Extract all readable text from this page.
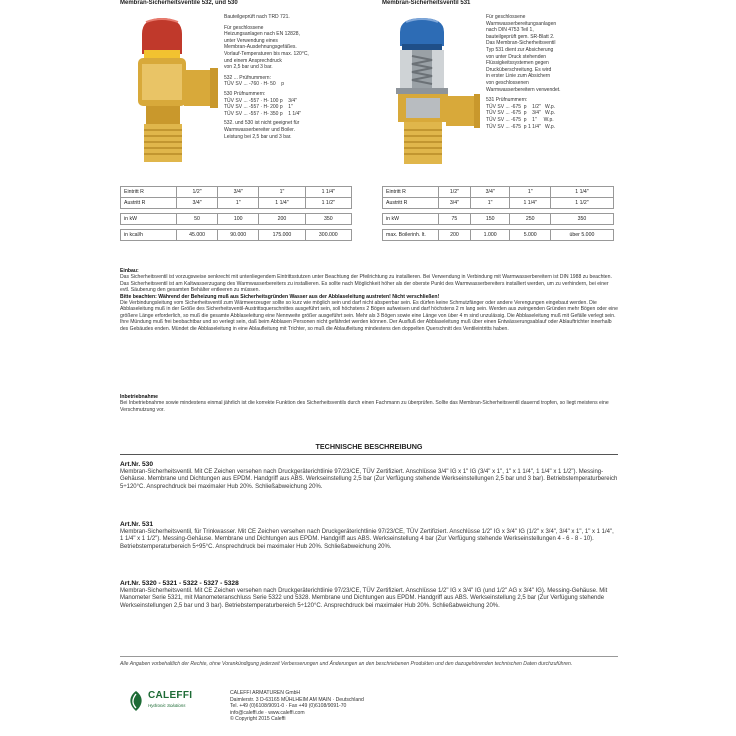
Membran-Sicherheitsventile 532, und 530
Bauteilgeprüft nach TRD 721.
Für geschlossene
Heizungsanlagen nach EN 12828,
unter Verwendung eines
Membran-Ausdehnungsgefäßes.
Vorlauf-Temperaturen bis max. 120°C,
und einem Ansprechdruck
von 2,5 bar und 3 bar.
532 ... Prüfnummern:
TÜV SV ... -760 · H- 50    p
530 Prüfnummern:
TÜV SV ... -557 · H- 100 p    3/4"
TÜV SV ... -557 · H- 200 p    1"
TÜV SV ... -557 · H- 350 p    1 1/4"
532. und 530 ist nicht geeignet für
Warmwasserbereiter und Boiler.
Leistung bei 2,5 bar und 3 bar.
Eintritt R	1/2"	3/4"	1"	1 1/4"
Austritt R	3/4"	1"	1 1/4"	1 1/2"

in kW	50	100	200	350

in kcal/h	45.000	90.000	175.000	300.000
Membran-Sicherheitsventil 531
Für geschlossene
Warmwasserbereitungsanlagen
nach DIN 4753 Teil 1,
bauteilgeprüft gem. SR-Blatt 2.
Das Membran-Sicherheitsventil
Typ 531 dient zur Absicherung
von unter Druck stehenden
Flüssigkeitssystemen gegen
Drucküberschreitung. Es wird
in erster Linie zum Absichern
von geschlossenen
Warmwasserbereitern verwendet.
531 Prüfnummern:
TÜV SV ... -675  p    1/2"   W.p.
TÜV SV ... -675  p    3/4"   W.p.
TÜV SV ... -675  p    1"     W.p.
TÜV SV ... -675  p 1 1/4"   W.p.
Eintritt R	1/2"	3/4"	1"	1 1/4"
Austritt R	3/4"	1"	1 1/4"	1 1/2"

in kW	75	150	250	350

max. Boilerinh. lt.	200	1.000	5.000	über 5.000
Einbau:
Das Sicherheitsventil ist vorzugsweise senkrecht mit untenliegendem Eintrittsstutzen unter Beachtung der Pfeilrichtung zu installieren. Bei Verwendung in Verbindung mit Warmwasserbereitern ist DIN 1988 zu beachten. Das Sicherheitsventil ist am Kaltwasserzugang des Warmwasserbereiters zu installieren. Es sollte nach Möglichkeit höher als der oberste Punkt des Warmwasserbereiters installiert werden, um zu verhindern, bei einer evtl. Säuberung den gesamten Behälter entleeren zu müssen.
Bitte beachten: Während der Beheizung muß aus Sicherheitsgründen Wasser aus der Abblaseleitung austreten! Nicht verschließen!
Die Verbindungsleitung vom Sicherheitsventil zum Wärmeerzeuger sollte so kurz wie möglich sein und darf nicht absperrbar sein. Es dürfen keine Schmutzfänger oder andere Verengungen eingebaut werden. Die Abblaseleitung muß in der Größe des Sicherheitsventil-Austrittsquerschnittes ausgeführt sein, soll höchstens 2 Bögen aufweisen und darf höchstens 2 m lang sein. Werden aus zwingenden Gründen mehr Bögen oder eine größere Länge erforderlich, so muß die gesamte Abblaseleitung eine Nennweite größer ausgeführt sein. Mehr als 3 Bögen sowie eine Länge von über 4 m sind unzulässig. Die Abblaseleitung muß mit Gefälle verlegt sein. Ihre Mündung muß frei beobachtbar und so verlegt sein, daß beim Abblasen Personen nicht gefährdet werden können. Der Ausfluß der Abblaseleitung muß über einen Entwässerungsablauf oder Ablauftrichter innerhalb des Gebäudes enden. Mündet die Abblaseleitung in eine Ablaufleitung mit Trichter, so muß die Ablaufleitung mindestens den doppelten Querschnitt des Ventileintritts haben.
Inbetriebnahme
Bei Inbetriebnahme sowie mindestens einmal jährlich ist die korrekte Funktion des Sicherheitsventils durch einen Fachmann zu überprüfen. Sollte das Membran-Sicherheitsventil dauernd tropfen, so liegt meistens eine Verschmutzung vor.
TECHNISCHE BESCHREIBUNG
Art.Nr. 530
Membran-Sicherheitsventil. Mit CE Zeichen versehen nach Druckgeräterichtlinie 97/23/CE, TÜV Zertifiziert. Anschlüsse 3/4" IG x 1" IG (3/4" x 1", 1" x 1 1/4", 1 1/4" x 1 1/2"). Messing-Gehäuse. Membrane und Dichtungen aus EPDM. Handgriff aus ABS. Werkseinstellung 2,5 bar (Zur Verfügung stehende Werkseinstellungen 2,5 bar und 3 bar). Betriebstemperaturbereich 5÷120°C. Ansprechdruck bei maximaler Hub 20%. Schließabweichung 20%.
Art.Nr. 531
Membran-Sicherheitsventil, für Trinkwasser. Mit CE Zeichen versehen nach Druckgeräterichtlinie 97/23/CE, TÜV Zertifiziert. Anschlüsse 1/2" IG x 3/4" IG (1/2" x 3/4", 3/4" x 1", 1" x 1 1/4", 1 1/4" x 1 1/2"). Messing-Gehäuse. Membrane und Dichtungen aus EPDM. Handgriff aus ABS. Werkseinstellung 4 bar (Zur Verfügung stehende Werkseinstellungen 4 - 6 - 8 - 10). Betriebstemperaturbereich 5÷95°C. Ansprechdruck bei maximaler Hub 20%. Schließabweichung 20%.
Art.Nr. 5320 - 5321 - 5322 - 5327 - 5328
Membran-Sicherheitsventil. Mit CE Zeichen versehen nach Druckgeräterichtlinie 97/23/CE, TÜV Zertifiziert. Anschlüsse 1/2" IG x 3/4" IG (und 1/2" AG x 3/4" IG). Messing-Gehäuse. Mit Manometer Serie 5321, mit Manometeranschluss Serie 5322 und 5328. Membrane und Dichtungen aus EPDM. Handgriff aus ABS. Werkseinstellung 2,5 bar (Zur Verfügung stehende Werkseinstellungen 2,5 bar und 3 bar). Betriebstemperaturbereich 5÷120°C. Ansprechdruck bei maximaler Hub 20%. Schließabweichung 20%.
Alle Angaben vorbehaltlich der Rechte, ohne Vorankündigung jederzeit Verbesserungen und Änderungen an den beschriebenen Produkten und den dazugehörenden technischen Daten durchzuführen.
CALEFFI
Hydronic Solutions
CALEFFI ARMATUREN GmbH
Daimlerstr. 3 D-63165 MÜHLHEIM AM MAIN · Deutschland
Tel. +49 (0)6108/9091-0 · Fax +49 (0)6108/9091-70
info@caleffi.de · www.caleffi.com
© Copyright 2015 Caleffi
